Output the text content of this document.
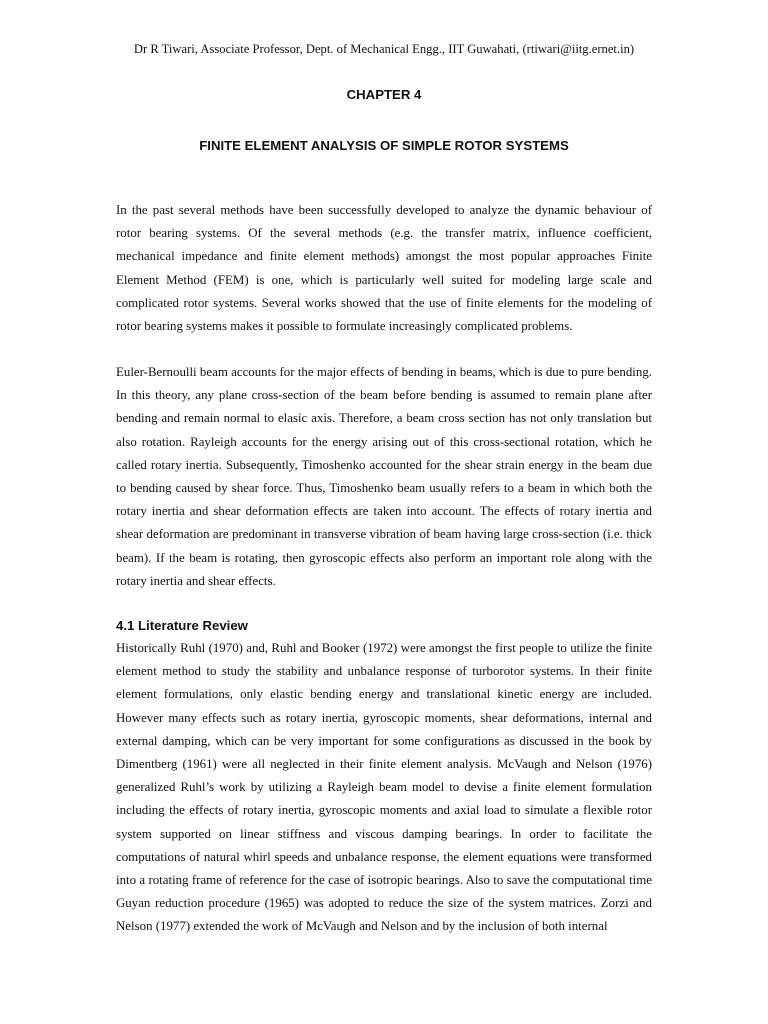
Dr R Tiwari, Associate Professor, Dept. of Mechanical Engg., IIT Guwahati, (rtiwari@iitg.ernet.in)
CHAPTER 4
FINITE ELEMENT ANALYSIS OF SIMPLE ROTOR SYSTEMS

In the past several methods have been successfully developed to analyze the dynamic behaviour of rotor bearing systems. Of the several methods (e.g. the transfer matrix, influence coefficient, mechanical impedance and finite element methods) amongst the most popular approaches Finite Element Method (FEM) is one, which is particularly well suited for modeling large scale and complicated rotor systems. Several works showed that the use of finite elements for the modeling of rotor bearing systems makes it possible to formulate increasingly complicated problems.

Euler-Bernoulli beam accounts for the major effects of bending in beams, which is due to pure bending. In this theory, any plane cross-section of the beam before bending is assumed to remain plane after bending and remain normal to elasic axis. Therefore, a beam cross section has not only translation but also rotation. Rayleigh accounts for the energy arising out of this cross-sectional rotation, which he called rotary inertia. Subsequently, Timoshenko accounted for the shear strain energy in the beam due to bending caused by shear force. Thus, Timoshenko beam usually refers to a beam in which both the rotary inertia and shear deformation effects are taken into account. The effects of rotary inertia and shear deformation are predominant in transverse vibration of beam having large cross-section (i.e. thick beam). If the beam is rotating, then gyroscopic effects also perform an important role along with the rotary inertia and shear effects.

4.1 Literature Review

Historically Ruhl (1970) and, Ruhl and Booker (1972) were amongst the first people to utilize the finite element method to study the stability and unbalance response of turborotor systems. In their finite element formulations, only elastic bending energy and translational kinetic energy are included. However many effects such as rotary inertia, gyroscopic moments, shear deformations, internal and external damping, which can be very important for some configurations as discussed in the book by Dimentberg (1961) were all neglected in their finite element analysis. McVaugh and Nelson (1976) generalized Ruhl’s work by utilizing a Rayleigh beam model to devise a finite element formulation including the effects of rotary inertia, gyroscopic moments and axial load to simulate a flexible rotor system supported on linear stiffness and viscous damping bearings. In order to facilitate the computations of natural whirl speeds and unbalance response, the element equations were transformed into a rotating frame of reference for the case of isotropic bearings. Also to save the computational time Guyan reduction procedure (1965) was adopted to reduce the size of the system matrices. Zorzi and Nelson (1977) extended the work of McVaugh and Nelson and by the inclusion of both internal
